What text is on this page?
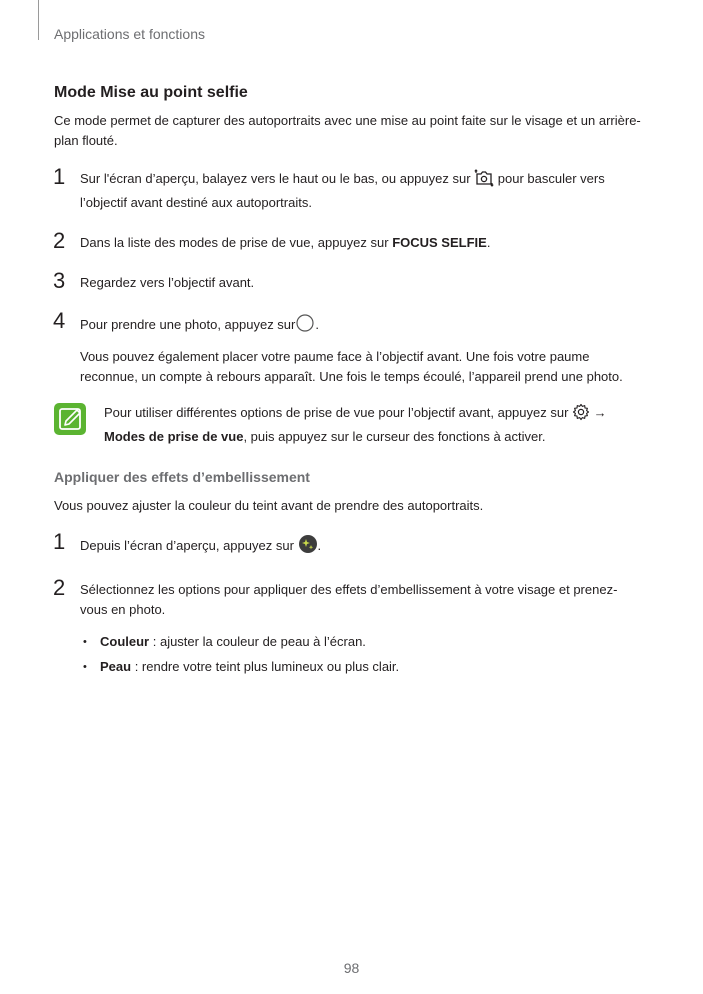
Applications et fonctions
Mode Mise au point selfie

Ce mode permet de capturer des autoportraits avec une mise au point faite sur le visage et un arrière-plan flouté.

1 Sur l'écran d’aperçu, balayez vers le haut ou le bas, ou appuyez sur pour basculer vers l’objectif avant destiné aux autoportraits.

2 Dans la liste des modes de prise de vue, appuyez sur FOCUS SELFIE.

3 Regardez vers l’objectif avant.

4 Pour prendre une photo, appuyez sur .

Vous pouvez également placer votre paume face à l’objectif avant. Une fois votre paume reconnue, un compte à rebours apparaît. Une fois le temps écoulé, l’appareil prend une photo.

Pour utiliser différentes options de prise de vue pour l’objectif avant, appuyez sur →
Modes de prise de vue, puis appuyez sur le curseur des fonctions à activer.
Appliquer des effets d’embellissement

Vous pouvez ajuster la couleur du teint avant de prendre des autoportraits.

1 Depuis l’écran d’aperçu, appuyez sur .

2 Sélectionnez les options pour appliquer des effets d’embellissement à votre visage et prenez-vous en photo.

• Couleur : ajuster la couleur de peau à l’écran.
• Peau : rendre votre teint plus lumineux ou plus clair.
98
